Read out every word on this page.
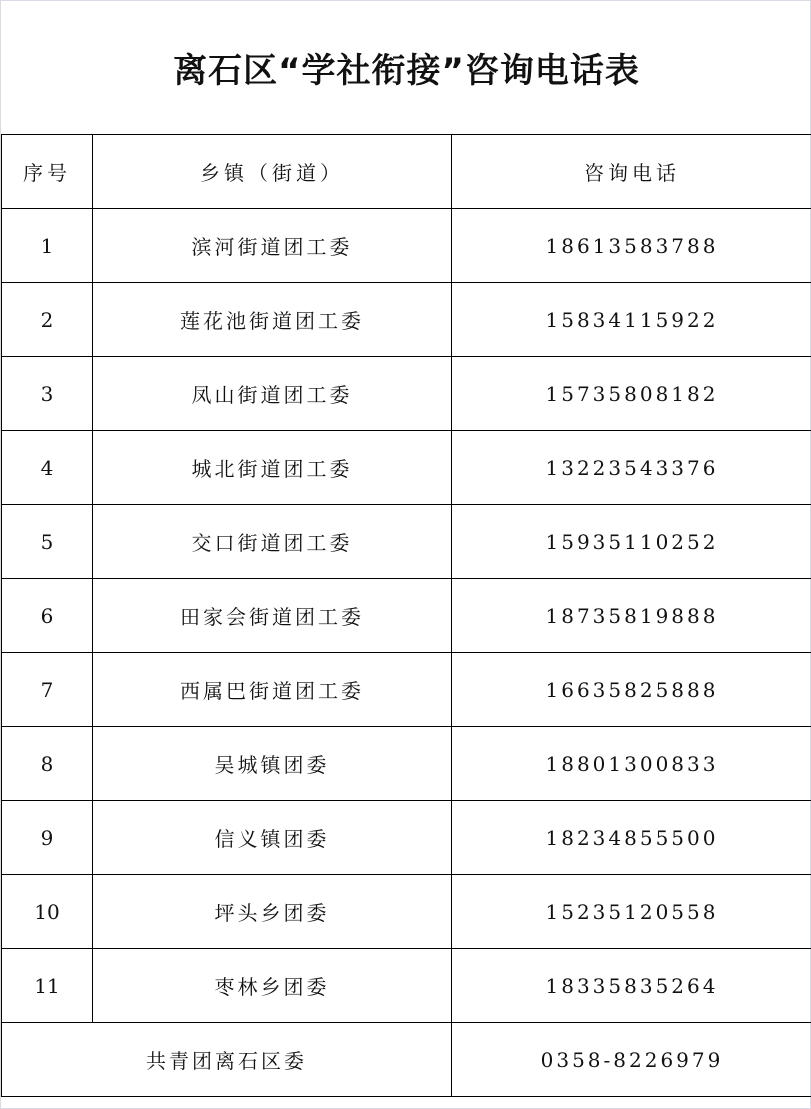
离石区“学社衔接”咨询电话表
序号	乡镇（街道）	咨询电话
1	滨河街道团工委	18613583788
2	莲花池街道团工委	15834115922
3	凤山街道团工委	15735808182
4	城北街道团工委	13223543376
5	交口街道团工委	15935110252
6	田家会街道团工委	18735819888
7	西属巴街道团工委	16635825888
8	吴城镇团委	18801300833
9	信义镇团委	18234855500
10	坪头乡团委	15235120558
11	枣林乡团委	18335835264
共青团离石区委		0358-8226979
